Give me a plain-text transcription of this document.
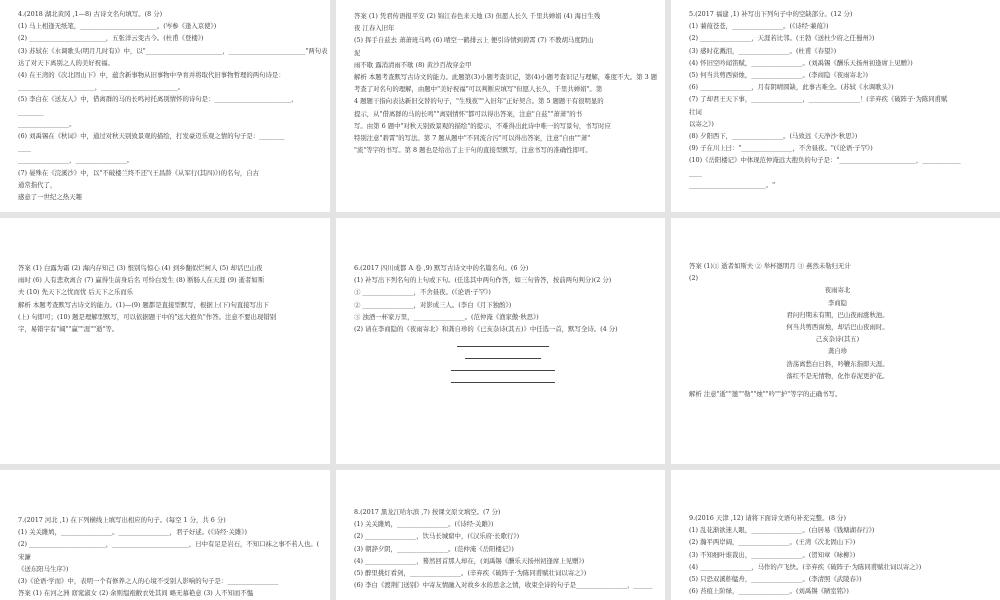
4.(2018 湖北黄冈 ,1—8) 古诗文名句填写。(8 分)
(1) 马上相逢无纸笔，________________________。(岑参《逢入京使》)
(2) ________________________，五张洋云变古今。(杜甫《登楼》)
(3) 苏轼在《水调歌头(明月几时有)》中，以"________________________，________________________"两句表
达了对天下离别之人的美好祝福。
(4) 在王湾的《次北固山下》中，蕴含新事物从旧事物中孕育并将取代旧事物哲理的两句诗是：
________________________，________________________。
(5) 李白在《送友人》中，借离群的马的长鸣衬托离别情怀的诗句是：________________________，
________
________________。
(6) 刘禹锡在《秋词》中，通过对秋天别致景观的描绘，打发豪迈乐观之情的句子是：________
____
________________，________________。
(7) 晏殊在《浣溪沙》中，以"不破楼兰终不还"(王昌龄《从军行(其四)》)的名句，自古
通常指代了，
感意了一世纪之热天趣
答案 (1) 凭君传语报平安 (2) 锦江春色来天地 (3) 但愿人长久 千里共婵娟 (4) 海日生残
夜 江春入旧年
(5) 挥手自兹去 萧萧班马鸣 (6) 晴空一鹤排云上 便引诗情到碧霄 (7) 不教胡马度阴山
泥
雨不歇 露消清雨不歇 (8) 黄沙百战穿金甲
解析 本题考查默写古诗文的能力。此题第(3)小题考查识记，第(4)小题考查识记与理解，难度不大。第 3 题
考查了对名句的理解，由题中"美好祝福"可以判断应填写"但愿人长久，千里共婵娟"。第
4 题题干指向表达新旧交替的句子，"生残夜""入旧年"正好契合。第 5 题题干有很明显的
提示，从"借离群的马的长鸣""离别情怀"都可以得出答案，注意"自兹""萧萧"的书
写。由第 6 题中"对秋天别致景观的描绘"的提示，不难得出此诗中唯一的写景句，书写时应
特别注意"碧霄"的写法。第 7 题从题中"不同流合污"可以得出答案，注意"自由""萧"
"流"等字的书写。第 8 题也是给出了主干句的直接型默写，注意书写的准确性即可。
5.(2017 福建 ,1) 补写出下列句子中的空缺部分。(12 分)
(1) 蒹葭苍苍，________________。(《诗经·蒹葭》)
(2) ________________，天涯若比邻。(王勃《送杜少府之任蜀州》)
(3) 感时花溅泪，________________。(杜甫《春望》)
(4) 怀旧空吟闻笛赋，________________。(刘禹锡《酬乐天扬州初逢席上见赠》)
(5) 何当共剪西窗烛，________________。(李商隐《夜雨寄北》)
(6) ________________，月有阴晴圆缺，此事古难全。(苏轼《水调歌头》)
(7) 了却君王天下事，________________，________________！(辛弃疾《破阵子·为陈同甫赋
壮词
以寄之》)
(8) 夕阳西下，________________。(马致远《天净沙·秋思》)
(9) 子在川上曰："________________，不舍昼夜。"(《论语·子罕》)
(10)《岳阳楼记》中体现范仲淹远大抱负的句子是："________________________，____________
____
________________________。"
答案 (1) 白露为霜 (2) 海内存知己 (3) 恨别鸟惊心 (4) 到乡翻似烂柯人 (5) 却话巴山夜
雨时 (6) 人有悲欢离合 (7) 赢得生前身后名 可怜白发生 (8) 断肠人在天涯 (9) 逝者如斯
夫 (10) 先天下之忧而忧 后天下之乐而乐
解析 本题考查默写古诗文的能力。(1)—(9) 题都是直接型默写，根据上(下)句直接写出下
(上) 句即可；(10) 题是理解型默写，可以依据题干中的"远大抱负"作答。注意不要出现错别
字，易错字有"阔""赢""涯""逝"等。
6.(2017 四川成都 A 卷 ,9) 默写古诗文中的名篇名句。(6 分)
(1) 补写出下列名句的上句或下句。(任选其中两句作答，如三句皆答，按前两句判分)(2 分)
① ________________，不舍昼夜。(《论语·子罕》)
② ________________，对影成三人。(李白《月下独酌》)
③ 浊酒一杯家万里，________________。(范仲淹《渔家傲·秋思》)
(2) 请在李商隐的《夜雨寄北》和龚自珍的《已亥杂诗(其五)》中任选一首，默写全诗。(4 分)
答案 (1)① 逝者如斯夫 ② 举杯邀明月 ③ 燕然未勒归无计
(2)
夜雨寄北
李商隐
君问归期未有期，巴山夜雨涨秋池。
何当共剪西窗烛，却话巴山夜雨时。
己亥杂诗(其五)
龚自珍
浩荡离愁白日斜，吟鞭东指即天涯。
落红不是无情物，化作春泥更护花。
解析 注意"逝""邀""勒""烛""吟""护"等字的正确书写。
7.(2017 河北 ,1) 在下列横线上填写出相应的句子。(每空 1 分，共 6 分)
(1) 关关雎鸠，________________。________________，君子好逑。(《诗经·关雎》)
(2) ________________________，________________________，日中有足是岩石，不知口袜之事不若人也。(
宋濂
《送东阳马生序》)
(3)《论语·学而》中，表明一个有修养之人的心境不受别人影响的句子是：________________
答案 (1) 在河之洲 窈窕淑女 (2) 余则缊袍敝衣处其间 略无慕艳意 (3) 人不知而不愠
8.(2017 黑龙江哈尔滨 ,7) 按课文原文填空。(7 分)
(1) 关关雎鸠，________________。(《诗经·关雎》)
(2) ________________，饮马长城窟中，(《汉乐府·长歌行》)
(3) 朝辞夕阴，________________。(范仲淹《岳阳楼记》)
(4) ________________，蓦然回首那人却在，(刘禹锡《酬乐天扬州初逢席上见赠》)
(5) 醉里挑灯看剑，________________。(辛弃疾《破阵子·为陈同甫赋壮词以寄之》)
(6) 李白《渡荆门送别》中寄友情融入对故乡水的思念之情，收束全诗的句子是________________，______
9.(2016 天津 ,12) 请将下面诗文语句补充完整。(8 分)
(1) 乱花渐欲迷人眼，________________。(白居易《钱塘湖春行》)
(2) 瀚平两岸阔，________________。(王湾《次北固山下》)
(3) 不知细叶谁裁出，________________。(贺知章《咏柳》)
(4) ________________，马作的卢飞快。(辛弃疾《破阵子·为陈同甫赋壮词以寄之》)
(5) 只恐双溪舴艋舟，________________。(李清照《武陵春》)
(6) 苔痕上阶绿，________________。(刘禹锡《陋室铭》)
